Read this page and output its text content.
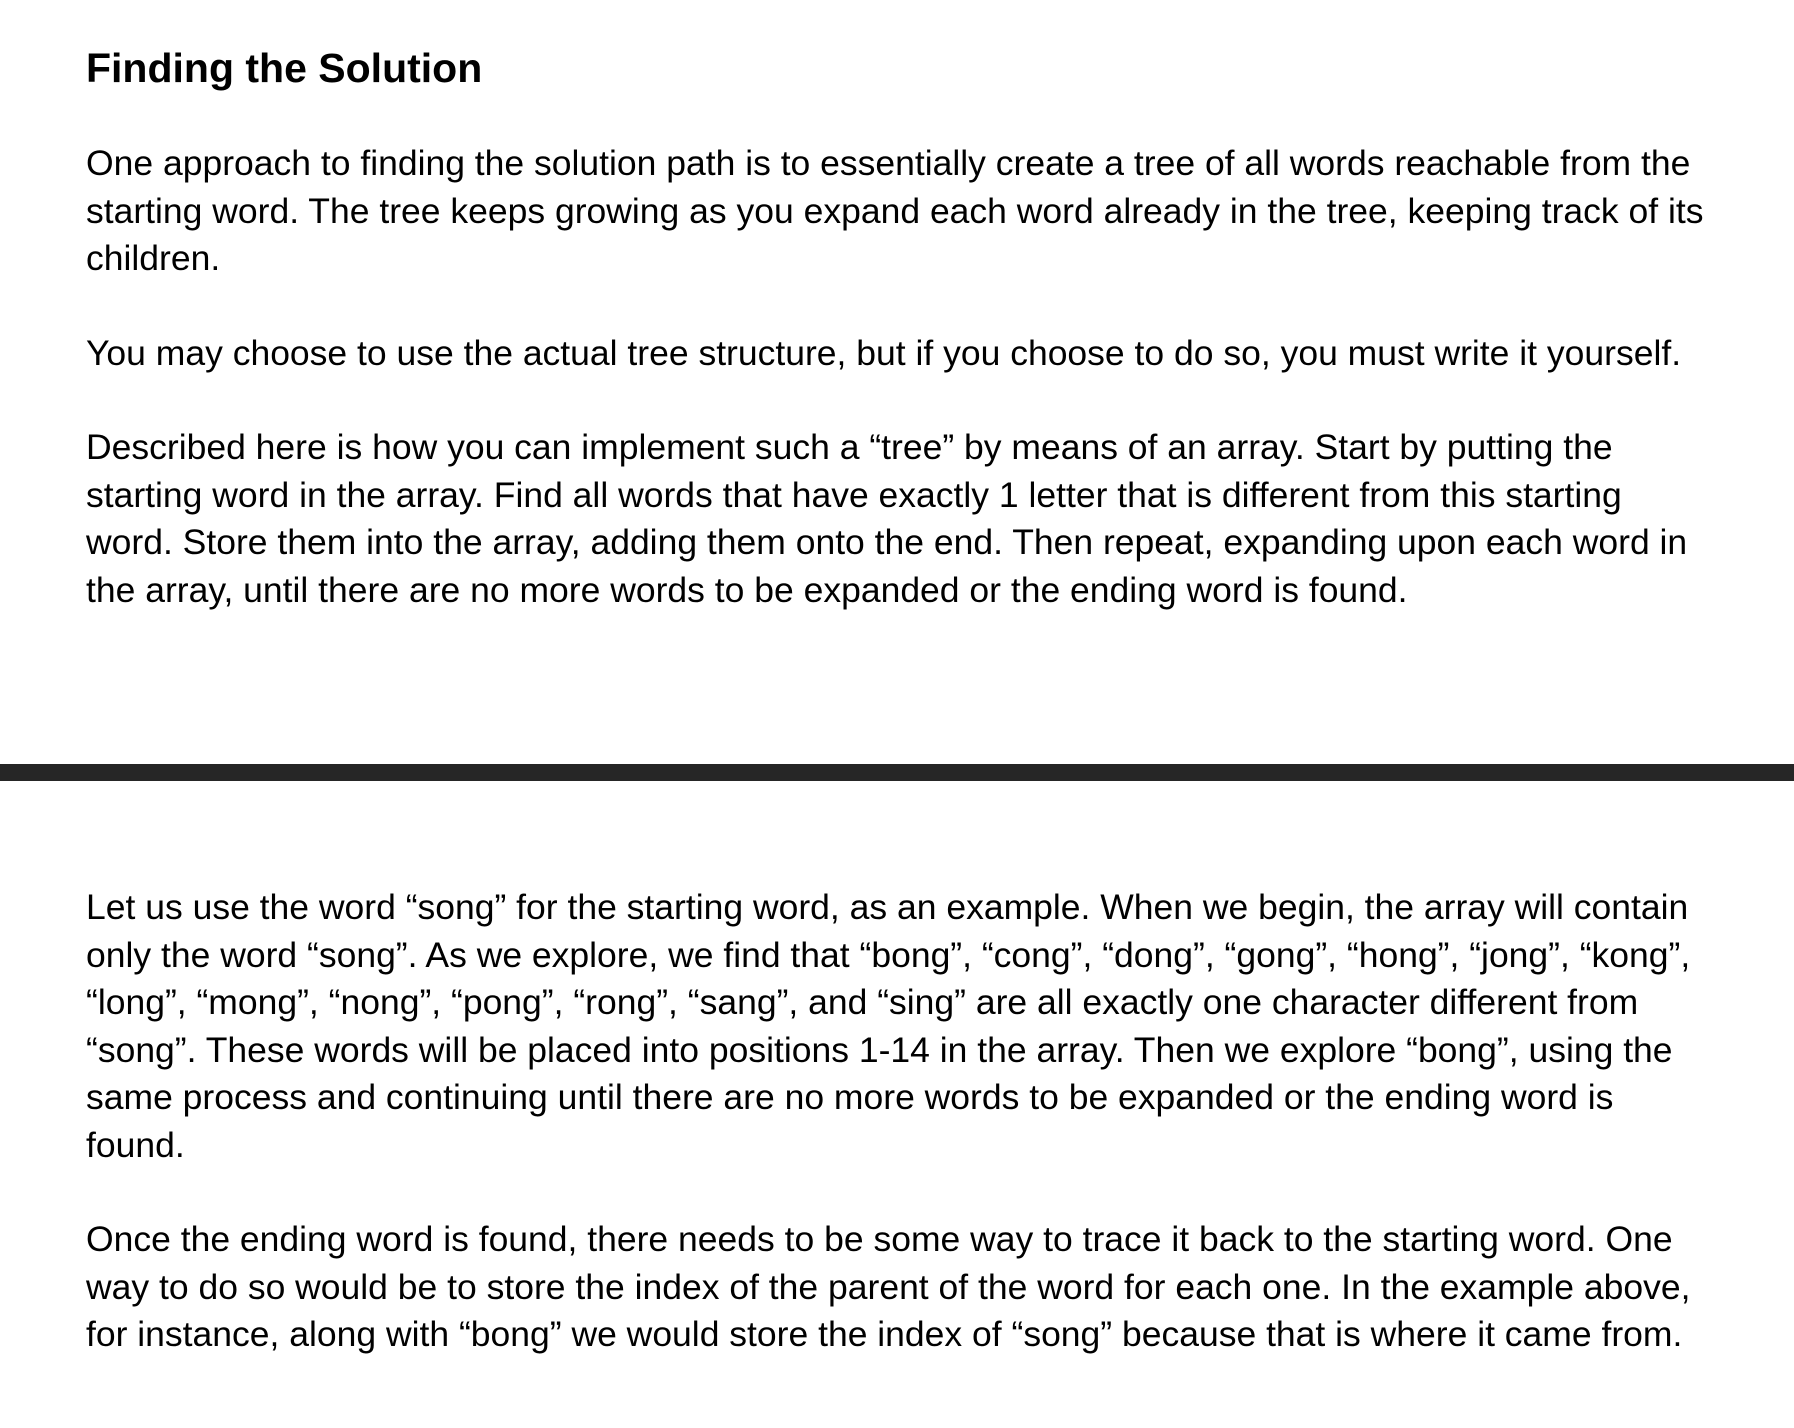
Finding the Solution

One approach to finding the solution path is to essentially create a tree of all words reachable from the starting word. The tree keeps growing as you expand each word already in the tree, keeping track of its children.

You may choose to use the actual tree structure, but if you choose to do so, you must write it yourself.

Described here is how you can implement such a “tree” by means of an array. Start by putting the starting word in the array. Find all words that have exactly 1 letter that is different from this starting word. Store them into the array, adding them onto the end. Then repeat, expanding upon each word in the array, until there are no more words to be expanded or the ending word is found.

Let us use the word “song” for the starting word, as an example. When we begin, the array will contain only the word “song”. As we explore, we find that “bong”, “cong”, “dong”, “gong”, “hong”, “jong”, “kong”, “long”, “mong”, “nong”, “pong”, “rong”, “sang”, and “sing” are all exactly one character different from “song”. These words will be placed into positions 1-14 in the array. Then we explore “bong”, using the same process and continuing until there are no more words to be expanded or the ending word is found.

Once the ending word is found, there needs to be some way to trace it back to the starting word. One way to do so would be to store the index of the parent of the word for each one. In the example above, for instance, along with “bong” we would store the index of “song” because that is where it came from.
